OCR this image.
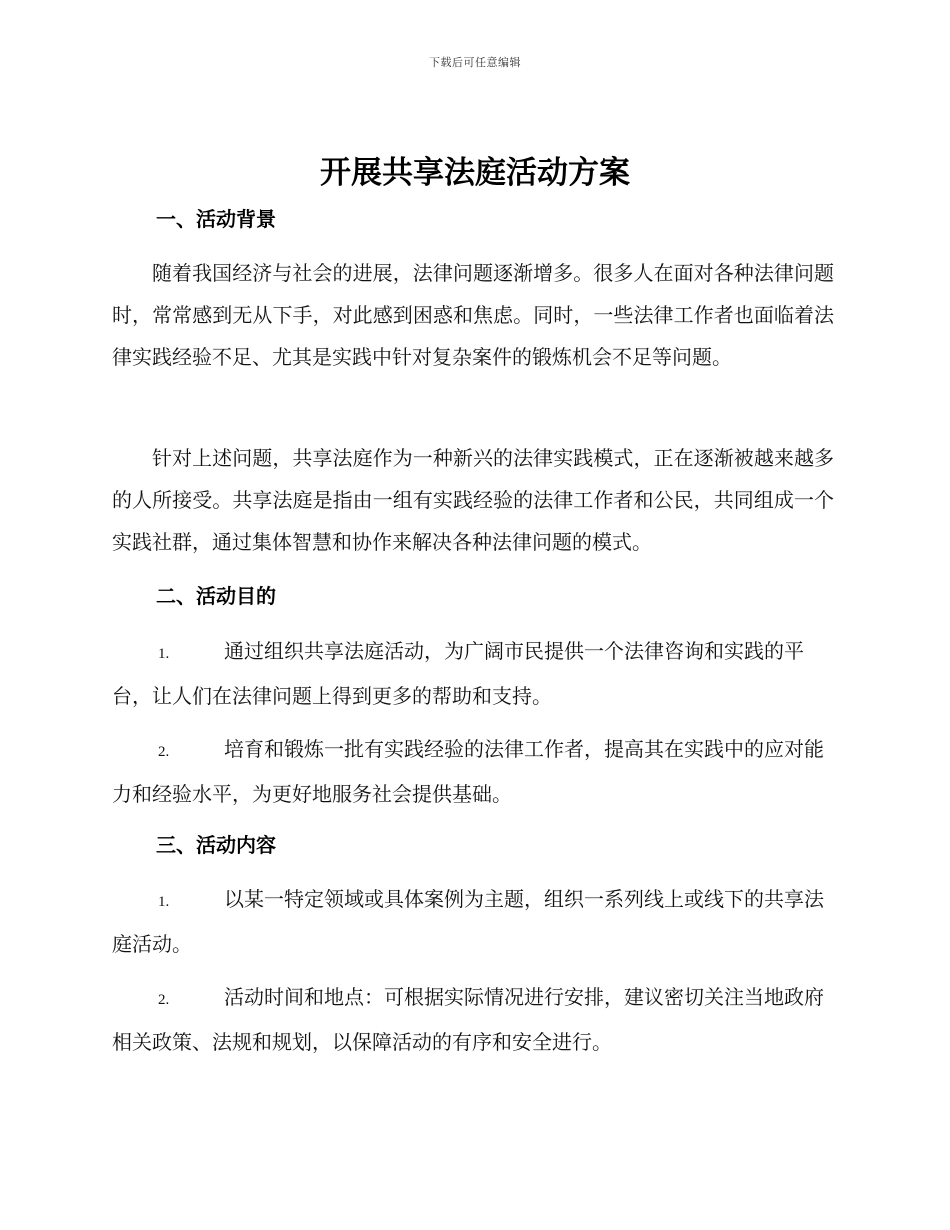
下载后可任意编辑
开展共享法庭活动方案
一、活动背景

随着我国经济与社会的进展，法律问题逐渐增多。很多人在面对各种法律问题时，常常感到无从下手，对此感到困惑和焦虑。同时，一些法律工作者也面临着法律实践经验不足、尤其是实践中针对复杂案件的锻炼机会不足等问题。

针对上述问题，共享法庭作为一种新兴的法律实践模式，正在逐渐被越来越多的人所接受。共享法庭是指由一组有实践经验的法律工作者和公民，共同组成一个实践社群，通过集体智慧和协作来解决各种法律问题的模式。

二、活动目的

1.	通过组织共享法庭活动，为广阔市民提供一个法律咨询和实践的平台，让人们在法律问题上得到更多的帮助和支持。

2.	培育和锻炼一批有实践经验的法律工作者，提高其在实践中的应对能力和经验水平，为更好地服务社会提供基础。

三、活动内容

1.	以某一特定领域或具体案例为主题，组织一系列线上或线下的共享法庭活动。

2.	活动时间和地点：可根据实际情况进行安排，建议密切关注当地政府相关政策、法规和规划，以保障活动的有序和安全进行。
